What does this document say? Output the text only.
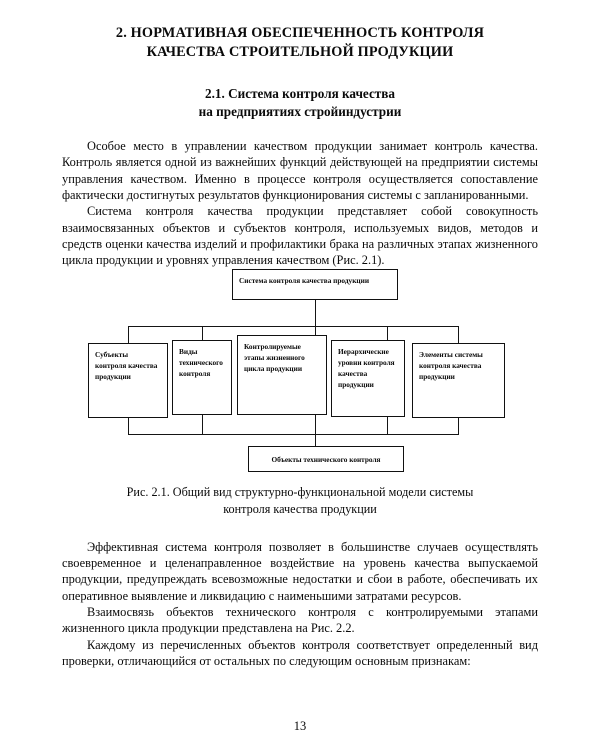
2. НОРМАТИВНАЯ ОБЕСПЕЧЕННОСТЬ КОНТРОЛЯ
КАЧЕСТВА СТРОИТЕЛЬНОЙ ПРОДУКЦИИ
2.1. Система контроля качества
на предприятиях стройиндустрии

Особое место в управлении качеством продукции занимает контроль качества. Контроль является одной из важнейших функций действующей на предприятии системы управления качеством. Именно в процессе контроля осуществляется сопоставление фактически достигнутых результатов функционирования системы с запланированными.

Система контроля качества продукции представляет собой совокупность взаимосвязанных объектов и субъектов контроля, используемых видов, методов и средств оценки качества изделий и профилактики брака на различных этапах жизненного цикла продукции и уровнях управления качеством (Рис. 2.1).

Система контроля качества продукции
Субъекты контроля качества продукции
Виды технического контроля
Контролируемые этапы жизненного цикла продукции
Иерархические уровни контроля качества продукции
Элементы системы контроля качества продукции
Объекты технического контроля
Рис. 2.1. Общий вид структурно-функциональной модели системы
контроля качества продукции

Эффективная система контроля позволяет в большинстве случаев осуществлять своевременное и целенаправленное воздействие на уровень качества выпускаемой продукции, предупреждать всевозможные недостатки и сбои в работе, обеспечивать их оперативное выявление и ликвидацию с наименьшими затратами ресурсов.

Взаимосвязь объектов технического контроля с контролируемыми этапами жизненного цикла продукции представлена на Рис. 2.2.

Каждому из перечисленных объектов контроля соответствует определенный вид проверки, отличающийся от остальных по следующим основным признакам:

13
